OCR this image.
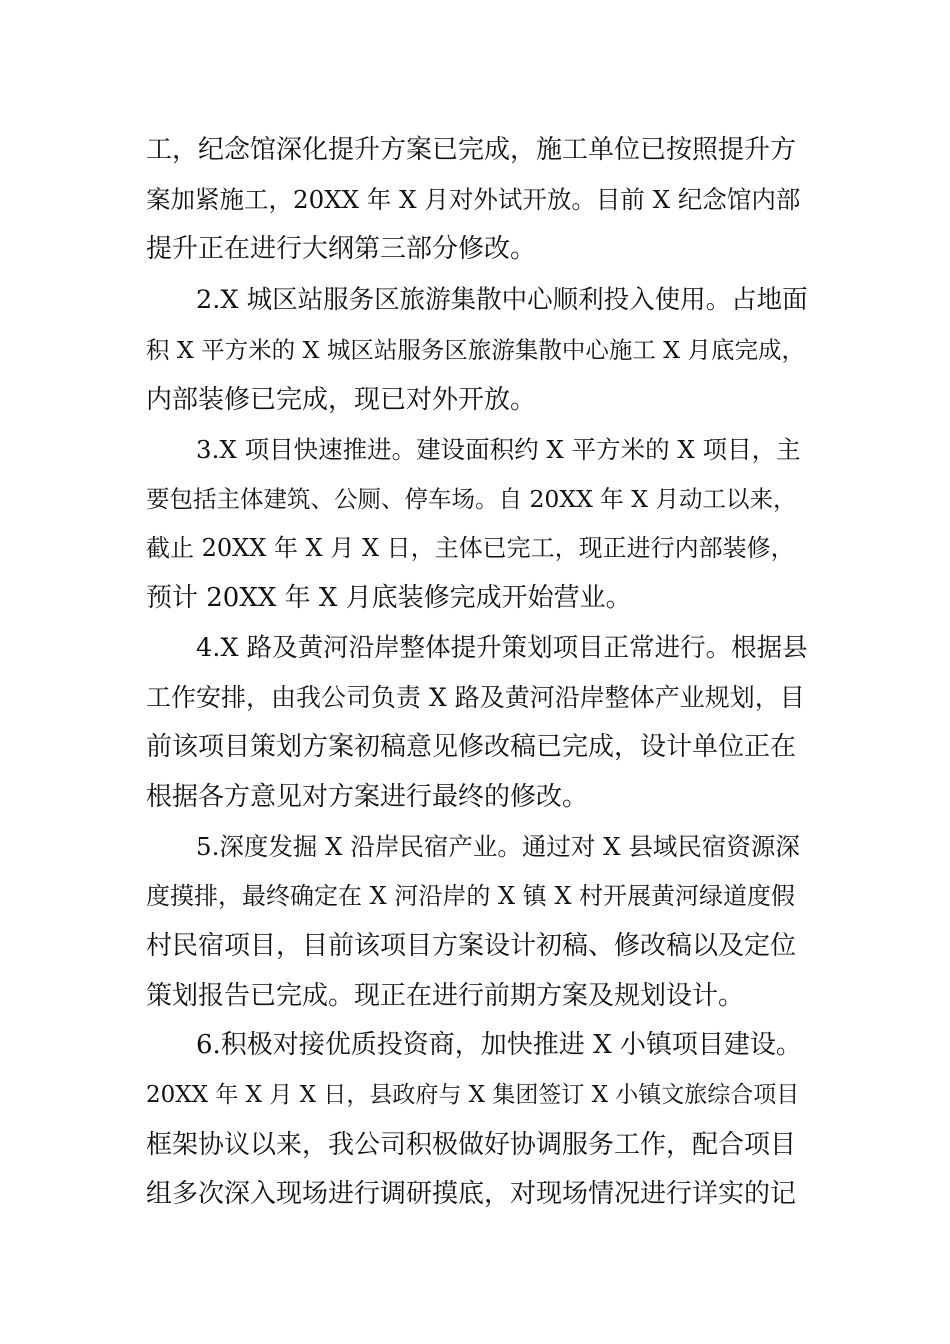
工，纪念馆深化提升方案已完成，施工单位已按照提升方
案加紧施工，20XX 年 X 月对外试开放。目前 X 纪念馆内部
提升正在进行大纲第三部分修改。
2.X 城区站服务区旅游集散中心顺利投入使用。占地面
积 X 平方米的 X 城区站服务区旅游集散中心施工 X 月底完成，
内部装修已完成，现已对外开放。
3.X 项目快速推进。建设面积约 X 平方米的 X 项目，主
要包括主体建筑、公厕、停车场。自 20XX 年 X 月动工以来，
截止 20XX 年 X 月 X 日，主体已完工，现正进行内部装修，
预计 20XX 年 X 月底装修完成开始营业。
4.X 路及黄河沿岸整体提升策划项目正常进行。根据县
工作安排，由我公司负责 X 路及黄河沿岸整体产业规划，目
前该项目策划方案初稿意见修改稿已完成，设计单位正在
根据各方意见对方案进行最终的修改。
5.深度发掘 X 沿岸民宿产业。通过对 X 县域民宿资源深
度摸排，最终确定在 X 河沿岸的 X 镇 X 村开展黄河绿道度假
村民宿项目，目前该项目方案设计初稿、修改稿以及定位
策划报告已完成。现正在进行前期方案及规划设计。
6.积极对接优质投资商，加快推进 X 小镇项目建设。
20XX 年 X 月 X 日，县政府与 X 集团签订 X 小镇文旅综合项目
框架协议以来，我公司积极做好协调服务工作，配合项目
组多次深入现场进行调研摸底，对现场情况进行详实的记
